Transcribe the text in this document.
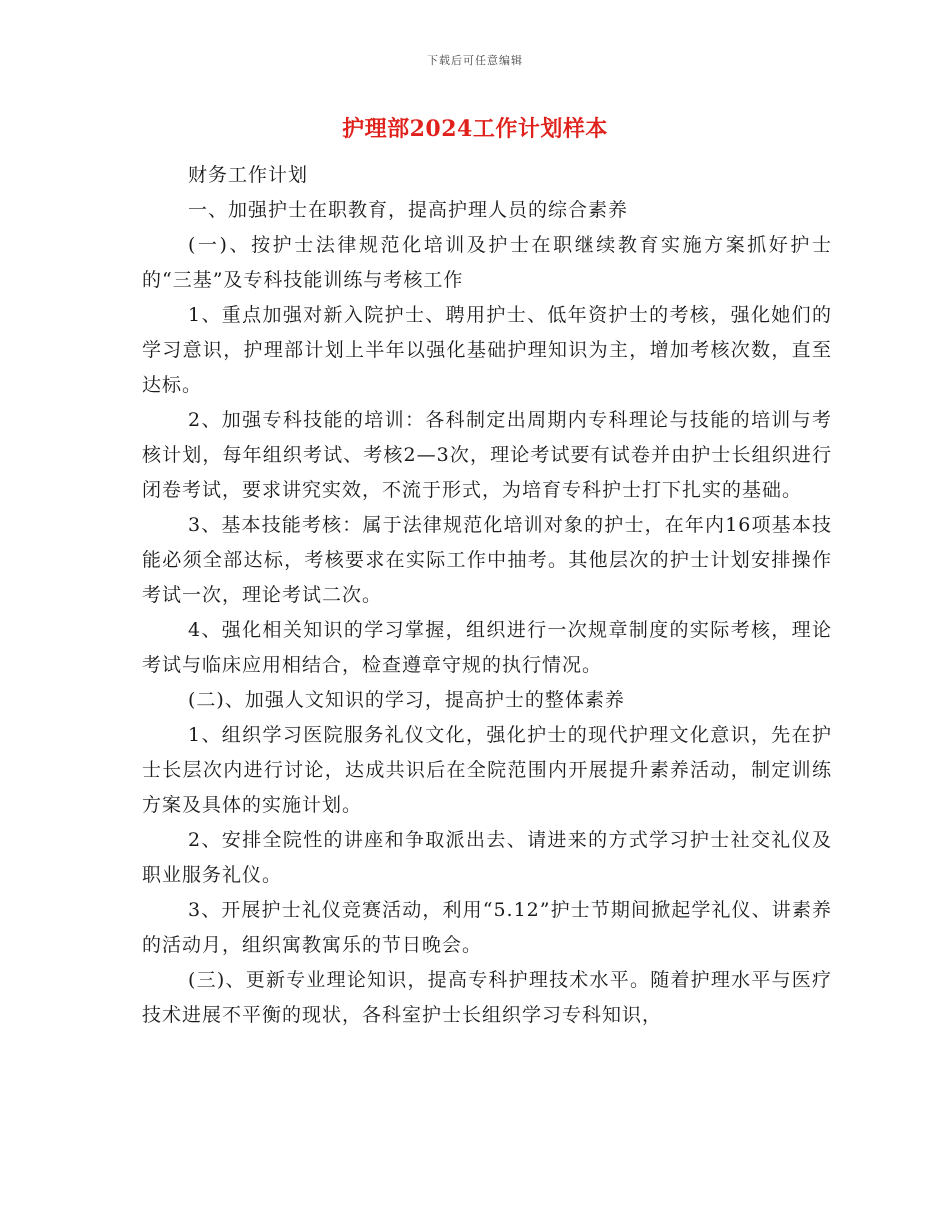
下载后可任意编辑
护理部2024工作计划样本

财务工作计划

一、加强护士在职教育，提高护理人员的综合素养

(一)、按护士法律规范化培训及护士在职继续教育实施方案抓好护士的“三基”及专科技能训练与考核工作

1、重点加强对新入院护士、聘用护士、低年资护士的考核，强化她们的学习意识，护理部计划上半年以强化基础护理知识为主，增加考核次数，直至达标。

2、加强专科技能的培训：各科制定出周期内专科理论与技能的培训与考核计划，每年组织考试、考核2—3次，理论考试要有试卷并由护士长组织进行闭卷考试，要求讲究实效，不流于形式，为培育专科护士打下扎实的基础。

3、基本技能考核：属于法律规范化培训对象的护士，在年内16项基本技能必须全部达标，考核要求在实际工作中抽考。其他层次的护士计划安排操作考试一次，理论考试二次。

4、强化相关知识的学习掌握，组织进行一次规章制度的实际考核，理论考试与临床应用相结合，检查遵章守规的执行情况。

(二)、加强人文知识的学习，提高护士的整体素养

1、组织学习医院服务礼仪文化，强化护士的现代护理文化意识，先在护士长层次内进行讨论，达成共识后在全院范围内开展提升素养活动，制定训练方案及具体的实施计划。

2、安排全院性的讲座和争取派出去、请进来的方式学习护士社交礼仪及职业服务礼仪。

3、开展护士礼仪竞赛活动，利用“5.12”护士节期间掀起学礼仪、讲素养的活动月，组织寓教寓乐的节日晚会。

(三)、更新专业理论知识，提高专科护理技术水平。随着护理水平与医疗技术进展不平衡的现状，各科室护士长组织学习专科知识，
